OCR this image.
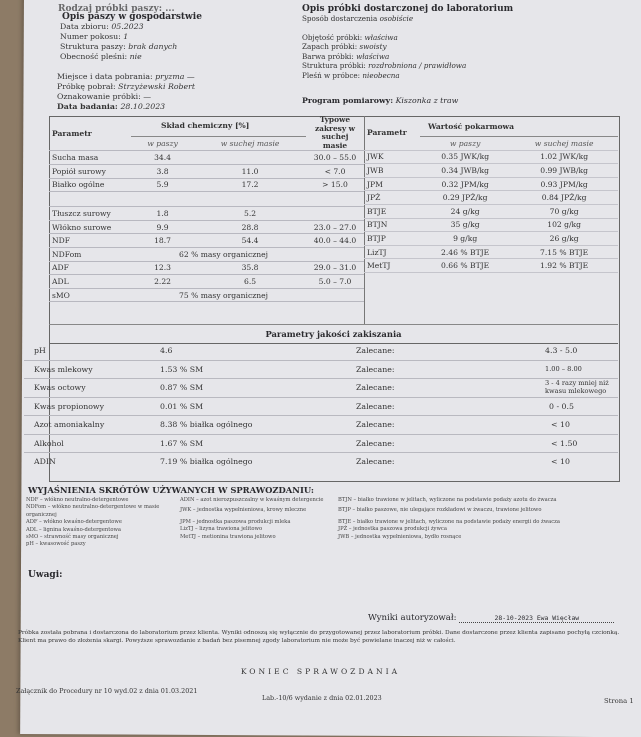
Rodzaj próbki paszy: ...
Opis paszy w gospodarstwie
Data zbioru: 05.2023
Numer pokosu: 1
Struktura paszy: brak danych
Obecność pleśni: nie
Miejsce i data pobrania: pryzma —
Próbkę pobrał: Strzyżewski Robert
Oznakowanie próbki: —
Data badania: 28.10.2023
Opis próbki dostarczonej do laboratorium
Sposób dostarczenia osobiście
Objętość próbki: właściwa
Zapach próbki: swoisty
Barwa próbki: właściwa
Struktura próbki: rozdrobniona / prawidłowa
Pleśń w próbce: nieobecna
Program pomiarowy: Kiszonka z traw
Parametr	Skład chemiczny [%]		Typowe zakresy w suchej masie
	w paszy	w suchej masie	
Sucha masa	34.4		30.0 – 55.0
Popiół surowy	3.8	11.0	< 7.0
Białko ogólne	5.9	17.2	> 15.0

Tłuszcz surowy	1.8	5.2	
Włókno surowe	9.9	28.8	23.0 – 27.0
NDF	18.7	54.4	40.0 – 44.0
NDFom	62 % masy organicznej		
ADF	12.3	35.8	29.0 – 31.0
ADL	2.22	6.5	5.0 – 7.0
sMO	75 % masy organicznej		
Parametr	Wartość pokarmowa	
	w paszy	w suchej masie
JWK	0.35 JWK/kg	1.02 JWK/kg
JWB	0.34 JWB/kg	0.99 JWB/kg
JPM	0.32 JPM/kg	0.93 JPM/kg
JPŻ	0.29 JPŻ/kg	0.84 JPŻ/kg
BTJE	24 g/kg	70 g/kg
BTJN	35 g/kg	102 g/kg
BTJP	9 g/kg	26 g/kg
LizTJ	2.46 % BTJE	7.15 % BTJE
MetTJ	0.66 % BTJE	1.92 % BTJE
Parametry jakości zakiszania
pH	4.6	Zalecane:	4.3 - 5.0
Kwas mlekowy	1.53 % SM	Zalecane:	1.00 – 8.00
Kwas octowy	0.87 % SM	Zalecane:	3 - 4 razy mniej niż kwasu mlekowego
Kwas propionowy	0.01 % SM	Zalecane:	0 - 0.5
Azot amoniakalny	8.38 % białka ogólnego	Zalecane:	< 10
Alkohol	1.67 % SM	Zalecane:	< 1.50
ADIN	7.19 % białka ogólnego	Zalecane:	< 10
WYJAŚNIENIA SKRÓTÓW UŻYWANYCH W SPRAWOZDANIU:
NDF – włókno neutralno-detergentowe
NDFom – włókno neutralno-detergentowe w masie organicznej
ADF – włókno kwaśno-detergentowe
ADL – lignina kwaśno-detergentowa
sMO – strawność masy organicznej
pH – kwasowość paszy
ADIN – azot nierozpuszczalny w kwaśnym detergencie
JWK – jednostka wypełnieniowa, krowy mleczne
JPM – jednostka paszowa produkcji mleka
LizTJ – lizyna trawiona jelitowo
MetTJ – metionina trawiona jelitowo
BTJN – białko trawione w jelitach, wyliczone na podstawie podaży azotu do żwacza
BTJP – białko paszowe, nie ulegające rozkładowi w żwaczu, trawione jelitowo
BTJE – białko trawione w jelitach, wyliczone na podstawie podaży energii do żwacza
JPŻ – jednostka paszowa produkcji żywca
JWB – jednostka wypełnieniowa, bydło rosnące
Uwagi:
Wyniki autoryzował:	28-10-2023 Ewa Więcław
Próbka została pobrana i dostarczona do laboratorium przez klienta. Wyniki odnoszą się wyłącznie do przygotowanej przez laboratorium próbki. Dane dostarczone przez klienta zapisano pochyłą czcionką. Klient ma prawo do złożenia skargi. Powyższe sprawozdanie z badań bez pisemnej zgody laboratorium nie może być powielane inaczej niż w całości.
KONIEC SPRAWOZDANIA
Załącznik do Procedury nr 10 wyd.02 z dnia 01.03.2021
Lab.-10/6 wydanie z dnia 02.01.2023	Strona 1
